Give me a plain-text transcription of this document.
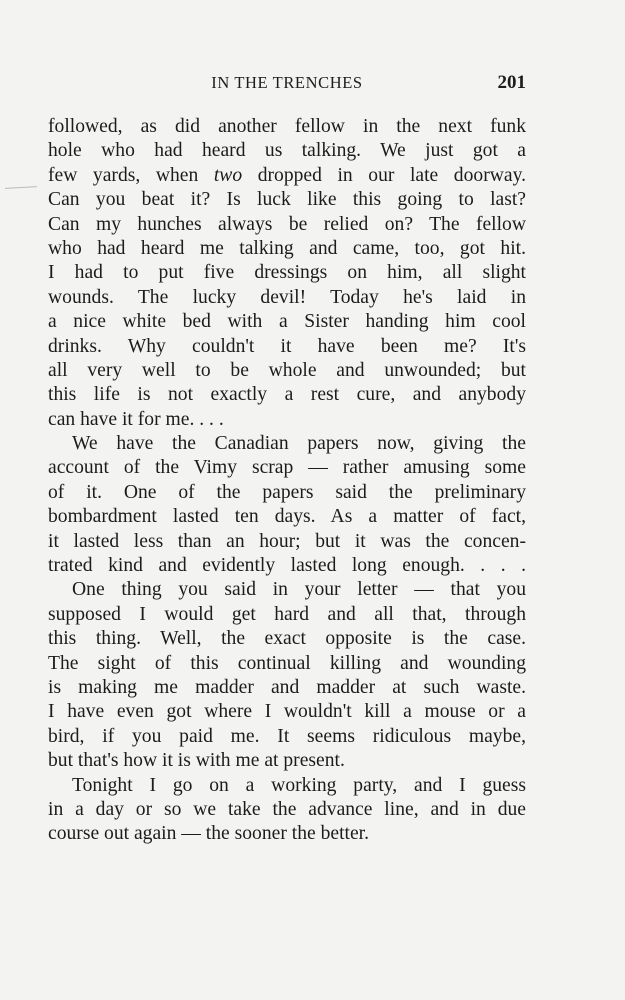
IN THE TRENCHES	201
followed, as did another fellow in the next funk
hole who had heard us talking. We just got a
few yards, when two dropped in our late doorway.
Can you beat it? Is luck like this going to last?
Can my hunches always be relied on? The fellow
who had heard me talking and came, too, got hit.
I had to put five dressings on him, all slight
wounds. The lucky devil! Today he's laid in
a nice white bed with a Sister handing him cool
drinks. Why couldn't it have been me? It's
all very well to be whole and unwounded; but
this life is not exactly a rest cure, and anybody
can have it for me. . . .
We have the Canadian papers now, giving the
account of the Vimy scrap — rather amusing some
of it. One of the papers said the preliminary
bombardment lasted ten days. As a matter of fact,
it lasted less than an hour; but it was the concen-
trated kind and evidently lasted long enough. . . .
One thing you said in your letter — that you
supposed I would get hard and all that, through
this thing. Well, the exact opposite is the case.
The sight of this continual killing and wounding
is making me madder and madder at such waste.
I have even got where I wouldn't kill a mouse or a
bird, if you paid me. It seems ridiculous maybe,
but that's how it is with me at present.
Tonight I go on a working party, and I guess
in a day or so we take the advance line, and in due
course out again — the sooner the better.
